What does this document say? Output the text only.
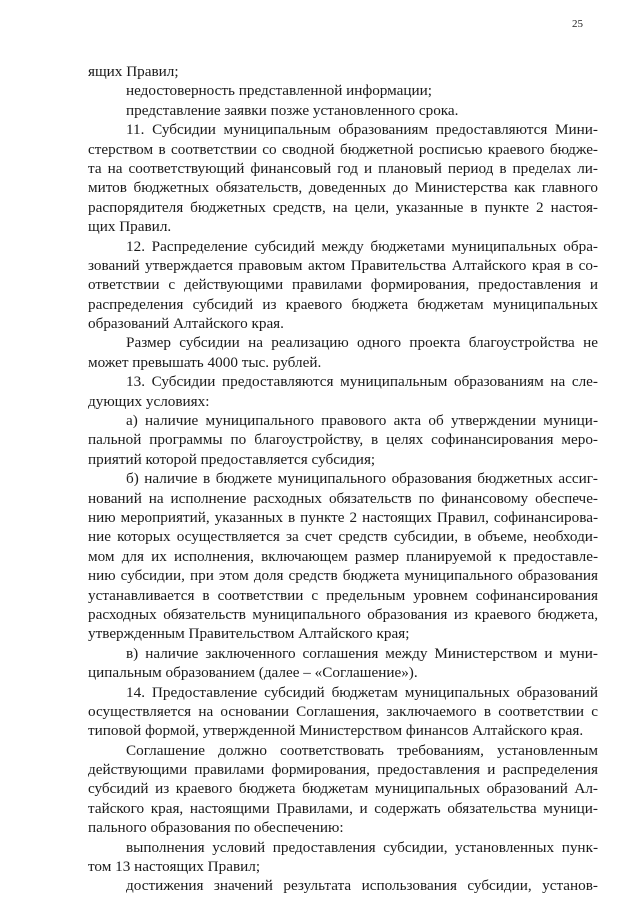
25
ящих Правил;
недостоверность представленной информации;
представление заявки позже установленного срока.
11. Субсидии муниципальным образованиям предоставляются Мини-
стерством в соответствии со сводной бюджетной росписью краевого бюдже-
та на соответствующий финансовый год и плановый период в пределах ли-
митов бюджетных обязательств, доведенных до Министерства как главного
распорядителя бюджетных средств, на цели, указанные в пункте 2 настоя-
щих Правил.
12. Распределение субсидий между бюджетами муниципальных обра-
зований утверждается правовым актом Правительства Алтайского края в со-
ответствии с действующими правилами формирования, предоставления и
распределения субсидий из краевого бюджета бюджетам муниципальных
образований Алтайского края.
Размер субсидии на реализацию одного проекта благоустройства не
может превышать 4000 тыс. рублей.
13. Субсидии предоставляются муниципальным образованиям на сле-
дующих условиях:
а) наличие муниципального правового акта об утверждении муници-
пальной программы по благоустройству, в целях софинансирования меро-
приятий которой предоставляется субсидия;
б) наличие в бюджете муниципального образования бюджетных ассиг-
нований на исполнение расходных обязательств по финансовому обеспече-
нию мероприятий, указанных в пункте 2 настоящих Правил, софинансирова-
ние которых осуществляется за счет средств субсидии, в объеме, необходи-
мом для их исполнения, включающем размер планируемой к предоставле-
нию субсидии, при этом доля средств бюджета муниципального образования
устанавливается в соответствии с предельным уровнем софинансирования
расходных обязательств муниципального образования из краевого бюджета,
утвержденным Правительством Алтайского края;
в) наличие заключенного соглашения между Министерством и муни-
ципальным образованием (далее – «Соглашение»).
14. Предоставление субсидий бюджетам муниципальных образований
осуществляется на основании Соглашения, заключаемого в соответствии с
типовой формой, утвержденной Министерством финансов Алтайского края.
Соглашение должно соответствовать требованиям, установленным
действующими правилами формирования, предоставления и распределения
субсидий из краевого бюджета бюджетам муниципальных образований Ал-
тайского края, настоящими Правилами, и содержать обязательства муници-
пального образования по обеспечению:
выполнения условий предоставления субсидии, установленных пунк-
том 13 настоящих Правил;
достижения значений результата использования субсидии, установ-
